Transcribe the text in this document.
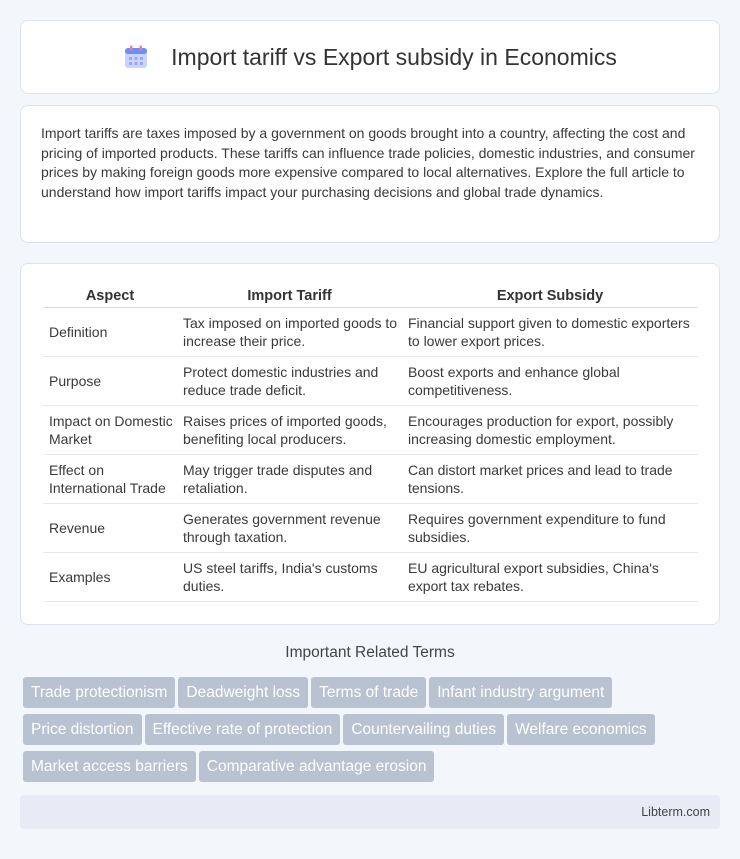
Import tariff vs Export subsidy in Economics

Import tariffs are taxes imposed by a government on goods brought into a country, affecting the cost and pricing of imported products. These tariffs can influence trade policies, domestic industries, and consumer prices by making foreign goods more expensive compared to local alternatives. Explore the full article to understand how import tariffs impact your purchasing decisions and global trade dynamics.

Aspect	Import Tariff	Export Subsidy
Definition	Tax imposed on imported goods to increase their price.	Financial support given to domestic exporters to lower export prices.
Purpose	Protect domestic industries and reduce trade deficit.	Boost exports and enhance global competitiveness.
Impact on Domestic Market	Raises prices of imported goods, benefiting local producers.	Encourages production for export, possibly increasing domestic employment.
Effect on International Trade	May trigger trade disputes and retaliation.	Can distort market prices and lead to trade tensions.
Revenue	Generates government revenue through taxation.	Requires government expenditure to fund subsidies.
Examples	US steel tariffs, India's customs duties.	EU agricultural export subsidies, China's export tax rebates.
Important Related Terms
Trade protectionism Deadweight loss Terms of trade Infant industry argument
Price distortion Effective rate of protection Countervailing duties Welfare economics
Market access barriers Comparative advantage erosion
Libterm.com
